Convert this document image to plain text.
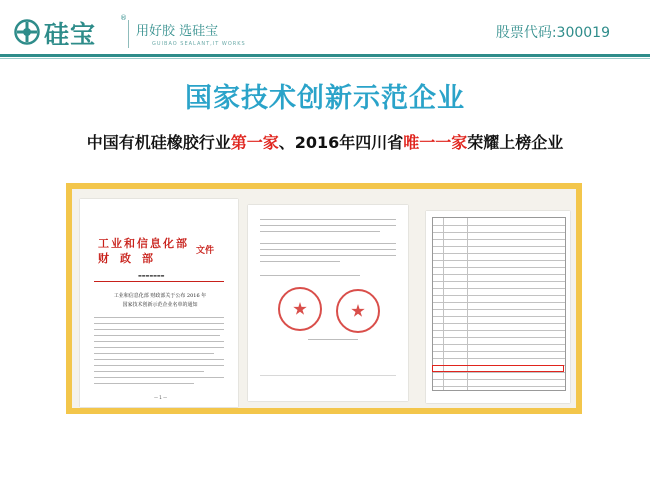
硅宝
®
用好胶 选硅宝
GUIBAO SEALANT,IT WORKS
股票代码:300019
国家技术创新示范企业
中国有机硅橡胶行业第一家、2016年四川省唯一一家荣耀上榜企业
工业和信息化部
财政部
文件
▬▬▬▬▬▬▬
工业和信息化部 财政部关于公布 2016 年
国家技术创新示范企业名单的通知
— 1 —
